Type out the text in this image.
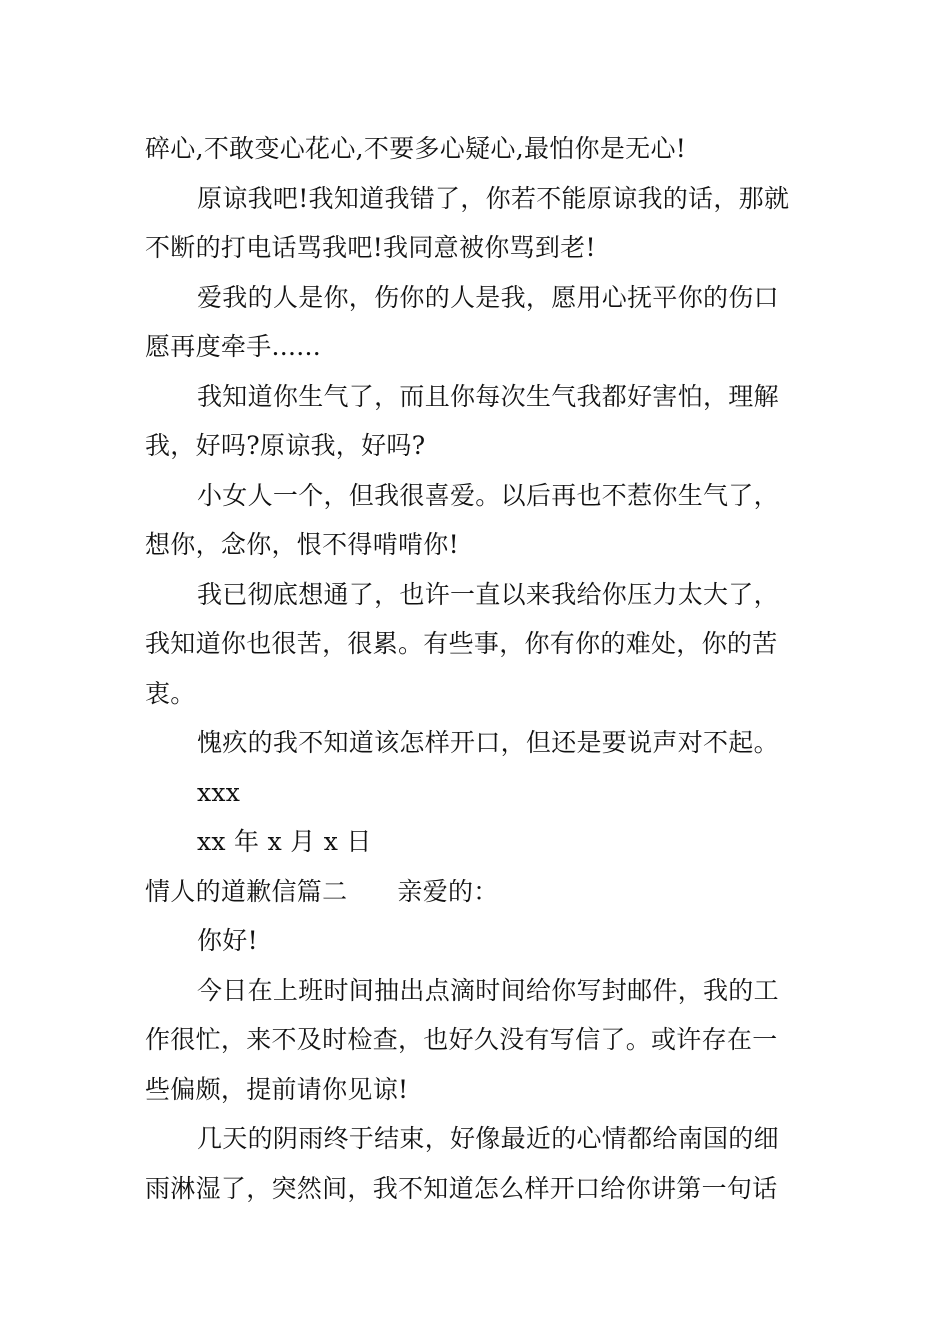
碎心,不敢变心花心,不要多心疑心,最怕你是无心!
原谅我吧!我知道我错了，你若不能原谅我的话，那就
不断的打电话骂我吧!我同意被你骂到老!
爱我的人是你，伤你的人是我，愿用心抚平你的伤口
愿再度牵手......
我知道你生气了，而且你每次生气我都好害怕，理解
我，好吗?原谅我，好吗?
小女人一个，但我很喜爱。以后再也不惹你生气了，
想你，念你，恨不得啃啃你!
我已彻底想通了，也许一直以来我给你压力太大了，
我知道你也很苦，很累。有些事，你有你的难处，你的苦
衷。
愧疚的我不知道该怎样开口，但还是要说声对不起。
xxx
xx 年 x 月 x 日
情人的道歉信篇二 亲爱的：
你好!
今日在上班时间抽出点滴时间给你写封邮件，我的工
作很忙，来不及时检查，也好久没有写信了。或许存在一
些偏颇，提前请你见谅!
几天的阴雨终于结束，好像最近的心情都给南国的细
雨淋湿了，突然间，我不知道怎么样开口给你讲第一句话
